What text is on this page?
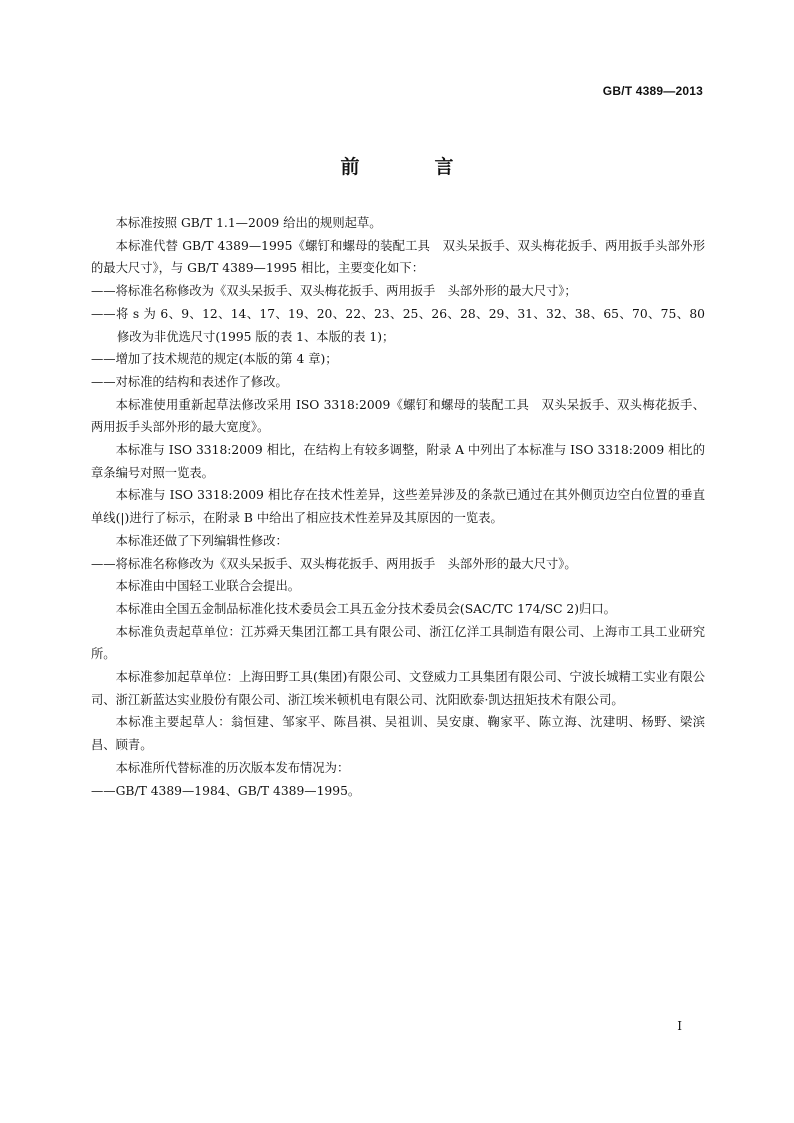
GB/T 4389—2013
前　言

本标准按照 GB/T 1.1—2009 给出的规则起草。

本标准代替 GB/T 4389—1995《螺钉和螺母的装配工具　双头呆扳手、双头梅花扳手、两用扳手头部外形的最大尺寸》，与 GB/T 4389—1995 相比，主要变化如下：

——将标准名称修改为《双头呆扳手、双头梅花扳手、两用扳手　头部外形的最大尺寸》；

——将 s 为 6、9、12、14、17、19、20、22、23、25、26、28、29、31、32、38、65、70、75、80 修改为非优选尺寸(1995 版的表 1、本版的表 1)；

——增加了技术规范的规定(本版的第 4 章)；

——对标准的结构和表述作了修改。

本标准使用重新起草法修改采用 ISO 3318:2009《螺钉和螺母的装配工具　双头呆扳手、双头梅花扳手、两用扳手头部外形的最大宽度》。

本标准与 ISO 3318:2009 相比，在结构上有较多调整，附录 A 中列出了本标准与 ISO 3318:2009 相比的章条编号对照一览表。

本标准与 ISO 3318:2009 相比存在技术性差异，这些差异涉及的条款已通过在其外侧页边空白位置的垂直单线(|)进行了标示，在附录 B 中给出了相应技术性差异及其原因的一览表。

本标准还做了下列编辑性修改：

——将标准名称修改为《双头呆扳手、双头梅花扳手、两用扳手　头部外形的最大尺寸》。

本标准由中国轻工业联合会提出。

本标准由全国五金制品标准化技术委员会工具五金分技术委员会(SAC/TC 174/SC 2)归口。

本标准负责起草单位：江苏舜天集团江都工具有限公司、浙江亿洋工具制造有限公司、上海市工具工业研究所。

本标准参加起草单位：上海田野工具(集团)有限公司、文登威力工具集团有限公司、宁波长城精工实业有限公司、浙江新蓝达实业股份有限公司、浙江埃米顿机电有限公司、沈阳欧泰·凯达扭矩技术有限公司。

本标准主要起草人：翁恒建、邹家平、陈昌祺、吴祖训、吴安康、鞠家平、陈立海、沈建明、杨野、梁滨昌、顾青。

本标准所代替标准的历次版本发布情况为：

——GB/T 4389—1984、GB/T 4389—1995。

I
